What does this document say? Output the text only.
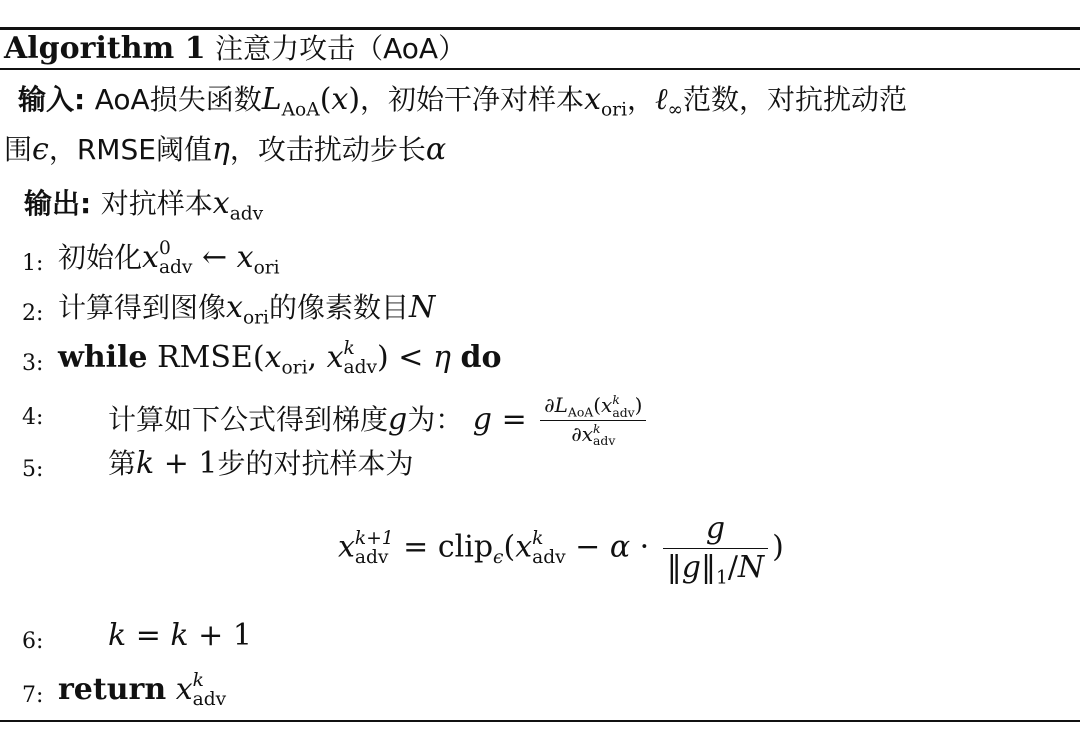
Algorithm 1 注意力攻击（AoA）
输入: AoA损失函数$L_{AoA}(x)$，初始干净对样本$x_{ori}$，ℓ$_\infty$范数，对抗扰动范
围ϵ，RMSE阈值η，攻击扰动步长α
输出: 对抗样本$x_{adv}$
1: 初始化x 0
adv ← $x_{ori}$
2: 计算得到图像$x_{ori}$的像素数目N
3: while $RMSE(x_{ori}$, x k
adv ) < η do
4: 计算如下公式得到梯度g为： $g = \partial L_{AoA}(x$ k
adv )
∂x k
adv
5: 第k + 1步的对抗样本为
x k+1
adv = clip$_\epsilon$(x k
adv − $\alpha \cdot \frac{g}{‖g‖_1/N}$ )
6: k = k + 1
7: return x k
adv
